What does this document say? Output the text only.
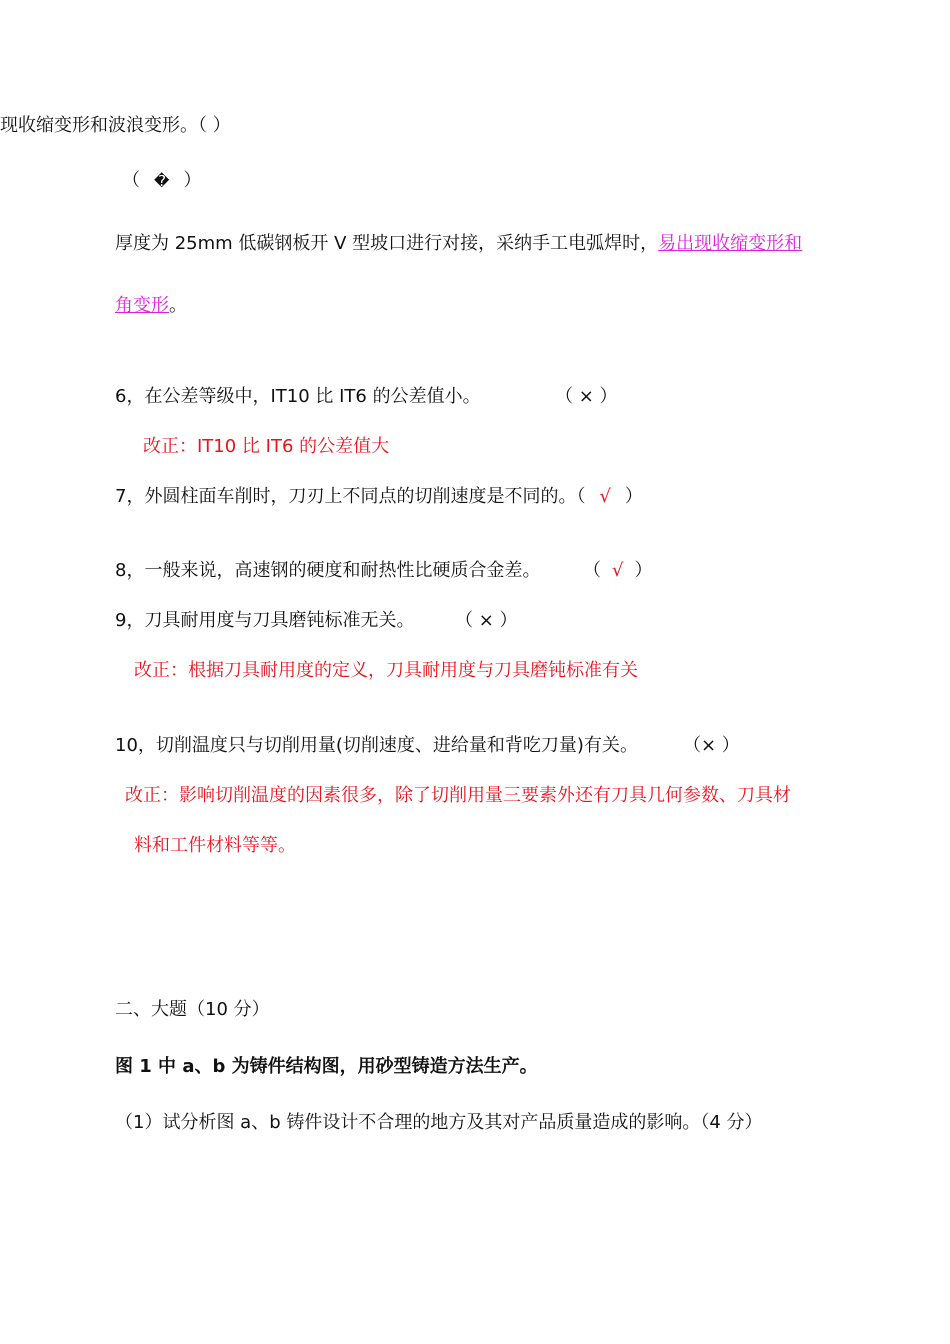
现收缩变形和波浪变形。（ ）
（ � ）
厚度为 25mm 低碳钢板开 V 型坡口进行对接，采纳手工电弧焊时，易出现收缩变形和
角变形。
6，在公差等级中，IT10 比 IT6 的公差值小。	（ × ）
改正：IT10 比 IT6 的公差值大
7，外圆柱面车削时，刀刃上不同点的切削速度是不同的。（ √ ）
8，一般来说，高速钢的硬度和耐热性比硬质合金差。 （ √ ）
9，刀具耐用度与刀具磨钝标准无关。 （ × ）
改正：根据刀具耐用度的定义，刀具耐用度与刀具磨钝标准有关
10，切削温度只与切削用量(切削速度、进给量和背吃刀量)有关。	（× ）
改正：影响切削温度的因素很多，除了切削用量三要素外还有刀具几何参数、刀具材
料和工件材料等等。
二、大题（10 分）
图 1 中 a、b 为铸件结构图，用砂型铸造方法生产。
（1）试分析图 a、b 铸件设计不合理的地方及其对产品质量造成的影响。（4 分）
